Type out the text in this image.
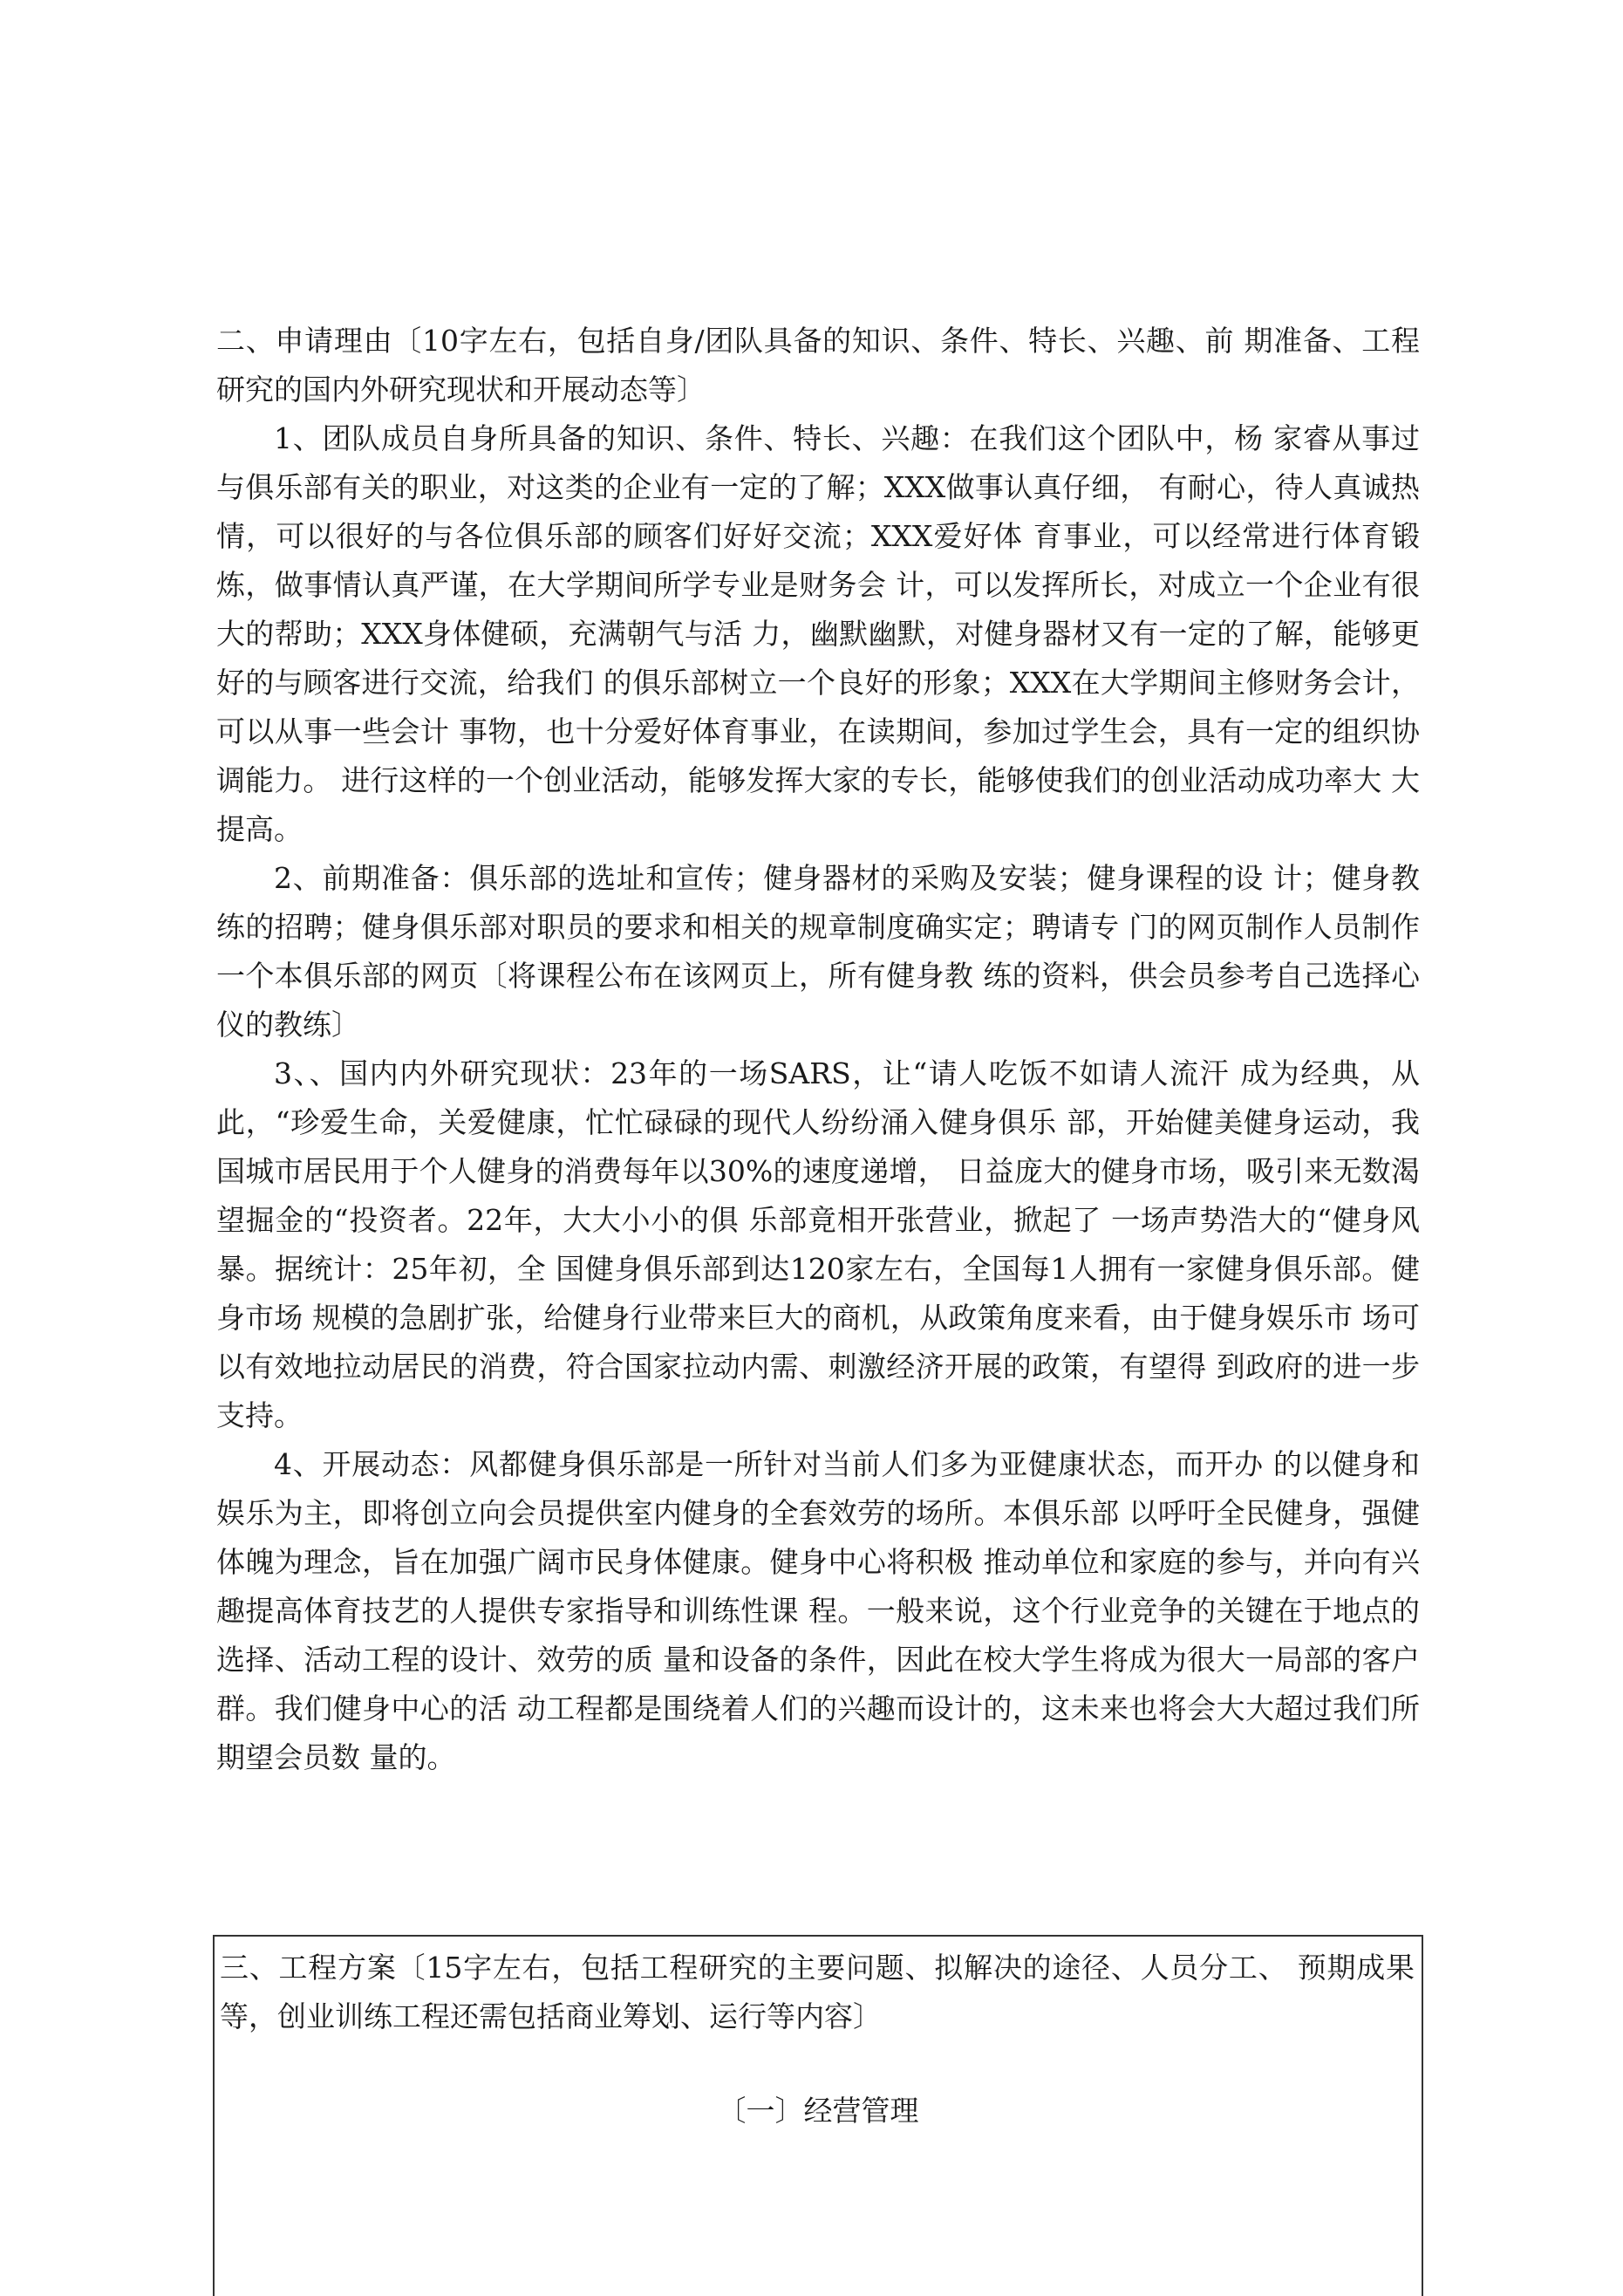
二、申请理由〔10字左右，包括自身/团队具备的知识、条件、特长、兴趣、前 期准备、工程研究的国内外研究现状和开展动态等〕

1、团队成员自身所具备的知识、条件、特长、兴趣：在我们这个团队中，杨 家睿从事过与俱乐部有关的职业，对这类的企业有一定的了解；XXX做事认真仔细， 有耐心，待人真诚热情，可以很好的与各位俱乐部的顾客们好好交流；XXX爱好体 育事业，可以经常进行体育锻炼，做事情认真严谨，在大学期间所学专业是财务会 计，可以发挥所长，对成立一个企业有很大的帮助；XXX身体健硕，充满朝气与活 力，幽默幽默，对健身器材又有一定的了解，能够更好的与顾客进行交流，给我们 的俱乐部树立一个良好的形象；XXX在大学期间主修财务会计，可以从事一些会计 事物，也十分爱好体育事业，在读期间，参加过学生会，具有一定的组织协调能力。 进行这样的一个创业活动，能够发挥大家的专长，能够使我们的创业活动成功率大 大提高。

2、前期准备：俱乐部的选址和宣传；健身器材的采购及安装；健身课程的设 计；健身教练的招聘；健身俱乐部对职员的要求和相关的规章制度确实定；聘请专 门的网页制作人员制作一个本俱乐部的网页〔将课程公布在该网页上，所有健身教 练的资料，供会员参考自己选择心仪的教练〕

3、、国内内外研究现状：23年的一场SARS，让“请人吃饭不如请人流汗 成为经典，从此，“珍爱生命，关爱健康，忙忙碌碌的现代人纷纷涌入健身俱乐 部，开始健美健身运动，我国城市居民用于个人健身的消费每年以30%的速度递增， 日益庞大的健身市场，吸引来无数渴望掘金的“投资者。22年，大大小小的俱 乐部竟相开张营业，掀起了 一场声势浩大的“健身风暴。据统计：25年初，全 国健身俱乐部到达120家左右，全国每1人拥有一家健身俱乐部。健身市场 规模的急剧扩张，给健身行业带来巨大的商机，从政策角度来看，由于健身娱乐市 场可以有效地拉动居民的消费，符合国家拉动内需、刺激经济开展的政策，有望得 到政府的进一步支持。

4、开展动态：风都健身俱乐部是一所针对当前人们多为亚健康状态，而开办 的以健身和娱乐为主，即将创立向会员提供室内健身的全套效劳的场所。本俱乐部 以呼吁全民健身，强健体魄为理念，旨在加强广阔市民身体健康。健身中心将积极 推动单位和家庭的参与，并向有兴趣提高体育技艺的人提供专家指导和训练性课 程。一般来说，这个行业竞争的关键在于地点的选择、活动工程的设计、效劳的质 量和设备的条件，因此在校大学生将成为很大一局部的客户群。我们健身中心的活 动工程都是围绕着人们的兴趣而设计的，这未来也将会大大超过我们所期望会员数 量的。

三、工程方案〔15字左右，包括工程研究的主要问题、拟解决的途径、人员分工、 预期成果等，创业训练工程还需包括商业筹划、运行等内容〕

〔一〕经营管理
